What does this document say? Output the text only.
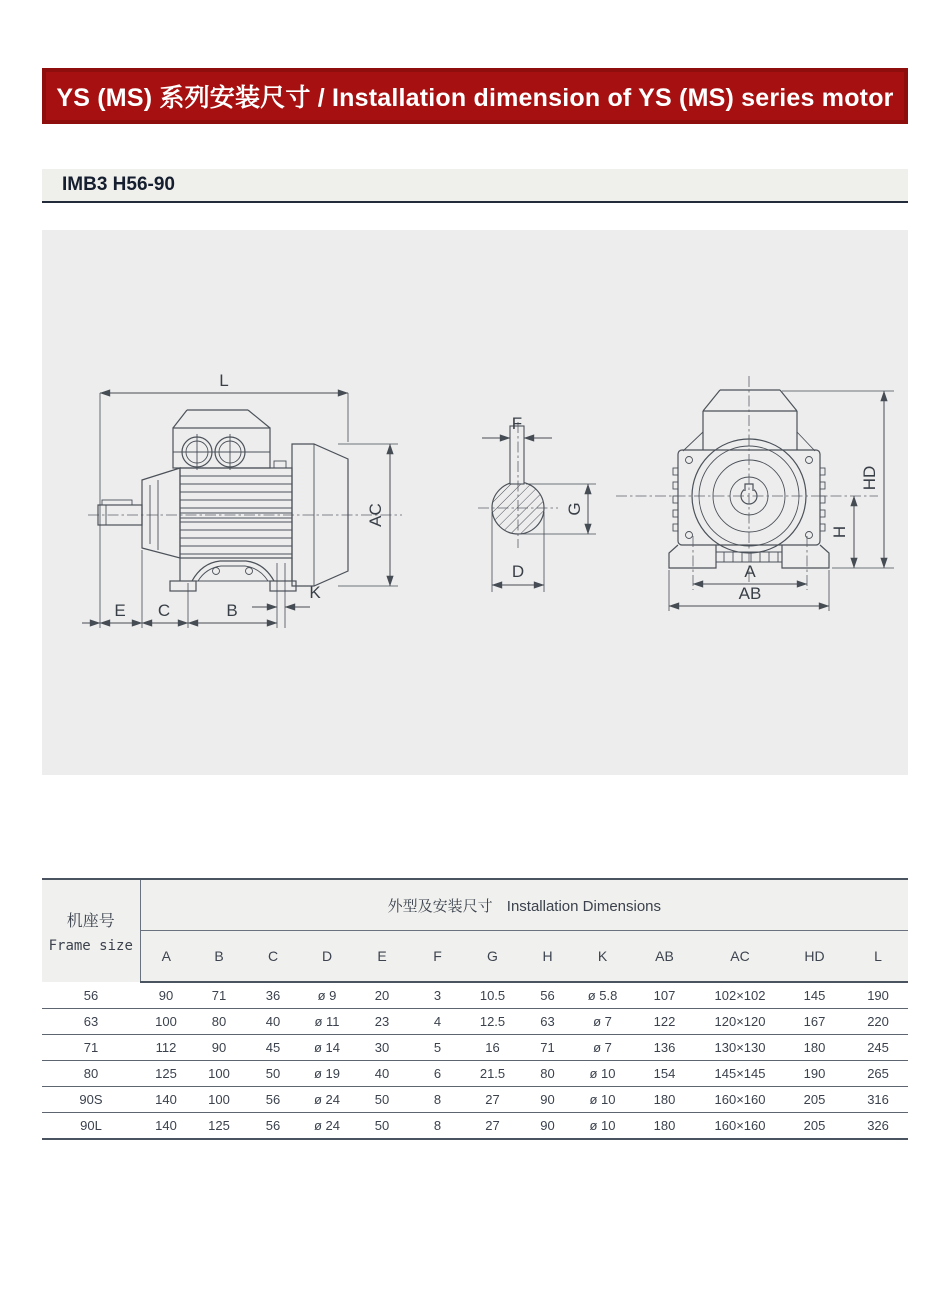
YS (MS) 系列安装尺寸 / Installation dimension of YS (MS) series motor
IMB3 H56-90
L
AC
E C	B
K
F
G
D	A
AB
H
HD
机座号
Frame size	外型及安装尺寸 Installation Dimensions												
	A	B	C	D	E	F	G	H	K	AB	AC	HD	L
56	90	71	36	ø 9	20	3	10.5	56	ø 5.8	107	102×102	145	190
63	100	80	40	ø 11	23	4	12.5	63	ø 7	122	120×120	167	220
71	112	90	45	ø 14	30	5	16	71	ø 7	136	130×130	180	245
80	125	100	50	ø 19	40	6	21.5	80	ø 10	154	145×145	190	265
90S	140	100	56	ø 24	50	8	27	90	ø 10	180	160×160	205	316
90L	140	125	56	ø 24	50	8	27	90	ø 10	180	160×160	205	326
